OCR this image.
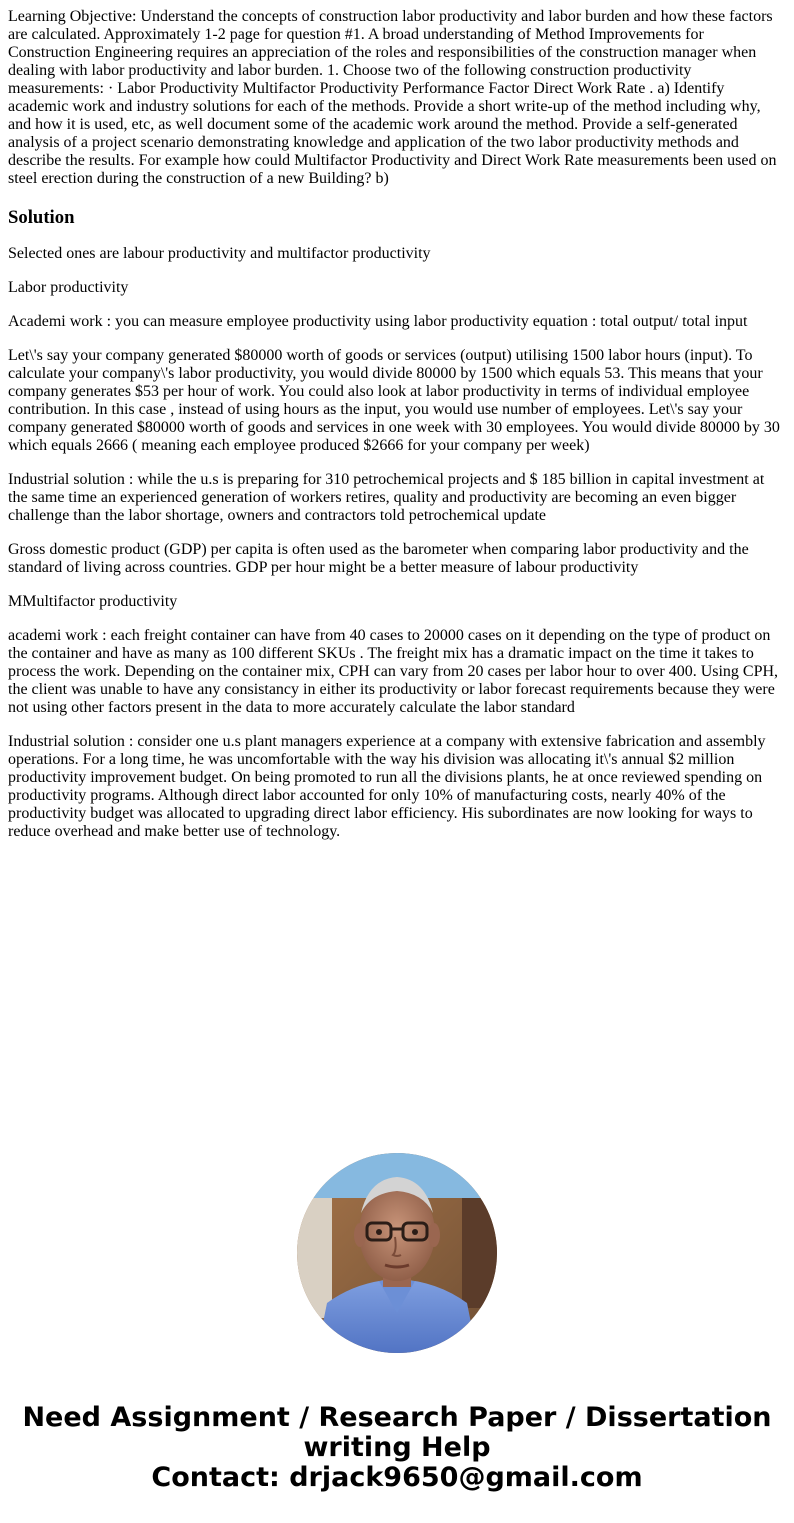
Learning Objective: Understand the concepts of construction labor productivity and labor burden and how these factors are calculated. Approximately 1-2 page for question #1. A broad understanding of Method Improvements for Construction Engineering requires an appreciation of the roles and responsibilities of the construction manager when dealing with labor productivity and labor burden. 1. Choose two of the following construction productivity measurements: · Labor Productivity Multifactor Productivity Performance Factor Direct Work Rate . a) Identify academic work and industry solutions for each of the methods. Provide a short write-up of the method including why, and how it is used, etc, as well document some of the academic work around the method. Provide a self-generated analysis of a project scenario demonstrating knowledge and application of the two labor productivity methods and describe the results. For example how could Multifactor Productivity and Direct Work Rate measurements been used on steel erection during the construction of a new Building? b)

Solution

Selected ones are labour productivity and multifactor productivity

Labor productivity

Academi work : you can measure employee productivity using labor productivity equation : total output/ total input

Let\'s say your company generated $80000 worth of goods or services (output) utilising 1500 labor hours (input). To calculate your company\'s labor productivity, you would divide 80000 by 1500 which equals 53. This means that your company generates $53 per hour of work. You could also look at labor productivity in terms of individual employee contribution. In this case , instead of using hours as the input, you would use number of employees. Let\'s say your company generated $80000 worth of goods and services in one week with 30 employees. You would divide 80000 by 30 which equals 2666 ( meaning each employee produced $2666 for your company per week)

Industrial solution : while the u.s is preparing for 310 petrochemical projects and $ 185 billion in capital investment at the same time an experienced generation of workers retires, quality and productivity are becoming an even bigger challenge than the labor shortage, owners and contractors told petrochemical update

Gross domestic product (GDP) per capita is often used as the barometer when comparing labor productivity and the standard of living across countries. GDP per hour might be a better measure of labour productivity

MMultifactor productivity

academi work : each freight container can have from 40 cases to 20000 cases on it depending on the type of product on the container and have as many as 100 different SKUs . The freight mix has a dramatic impact on the time it takes to process the work. Depending on the container mix, CPH can vary from 20 cases per labor hour to over 400. Using CPH, the client was unable to have any consistancy in either its productivity or labor forecast requirements because they were not using other factors present in the data to more accurately calculate the labor standard

Industrial solution : consider one u.s plant managers experience at a company with extensive fabrication and assembly operations. For a long time, he was uncomfortable with the way his division was allocating it\'s annual $2 million productivity improvement budget. On being promoted to run all the divisions plants, he at once reviewed spending on productivity programs. Although direct labor accounted for only 10% of manufacturing costs, nearly 40% of the productivity budget was allocated to upgrading direct labor efficiency. His subordinates are now looking for ways to reduce overhead and make better use of technology.

Need Assignment / Research Paper / Dissertation
writing Help
Contact: drjack9650@gmail.com
